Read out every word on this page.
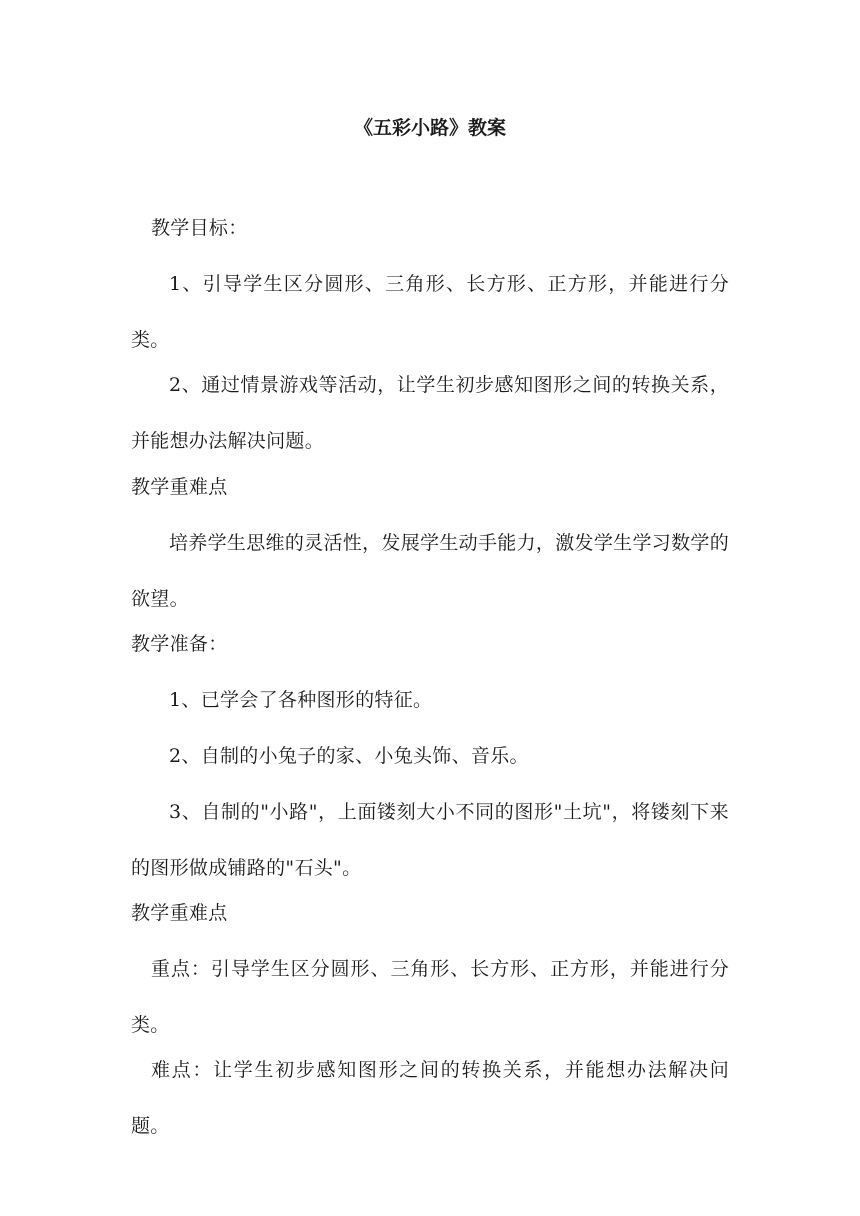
《五彩小路》教案

教学目标：

1、引导学生区分圆形、三角形、长方形、正方形，并能进行分类。

2、通过情景游戏等活动，让学生初步感知图形之间的转换关系，并能想办法解决问题。

教学重难点

培养学生思维的灵活性，发展学生动手能力，激发学生学习数学的欲望。

教学准备：

1、已学会了各种图形的特征。

2、自制的小兔子的家、小兔头饰、音乐。

3、自制的"小路"，上面镂刻大小不同的图形"土坑"，将镂刻下来的图形做成铺路的"石头"。

教学重难点

重点：引导学生区分圆形、三角形、长方形、正方形，并能进行分类。

难点：让学生初步感知图形之间的转换关系，并能想办法解决问题。
